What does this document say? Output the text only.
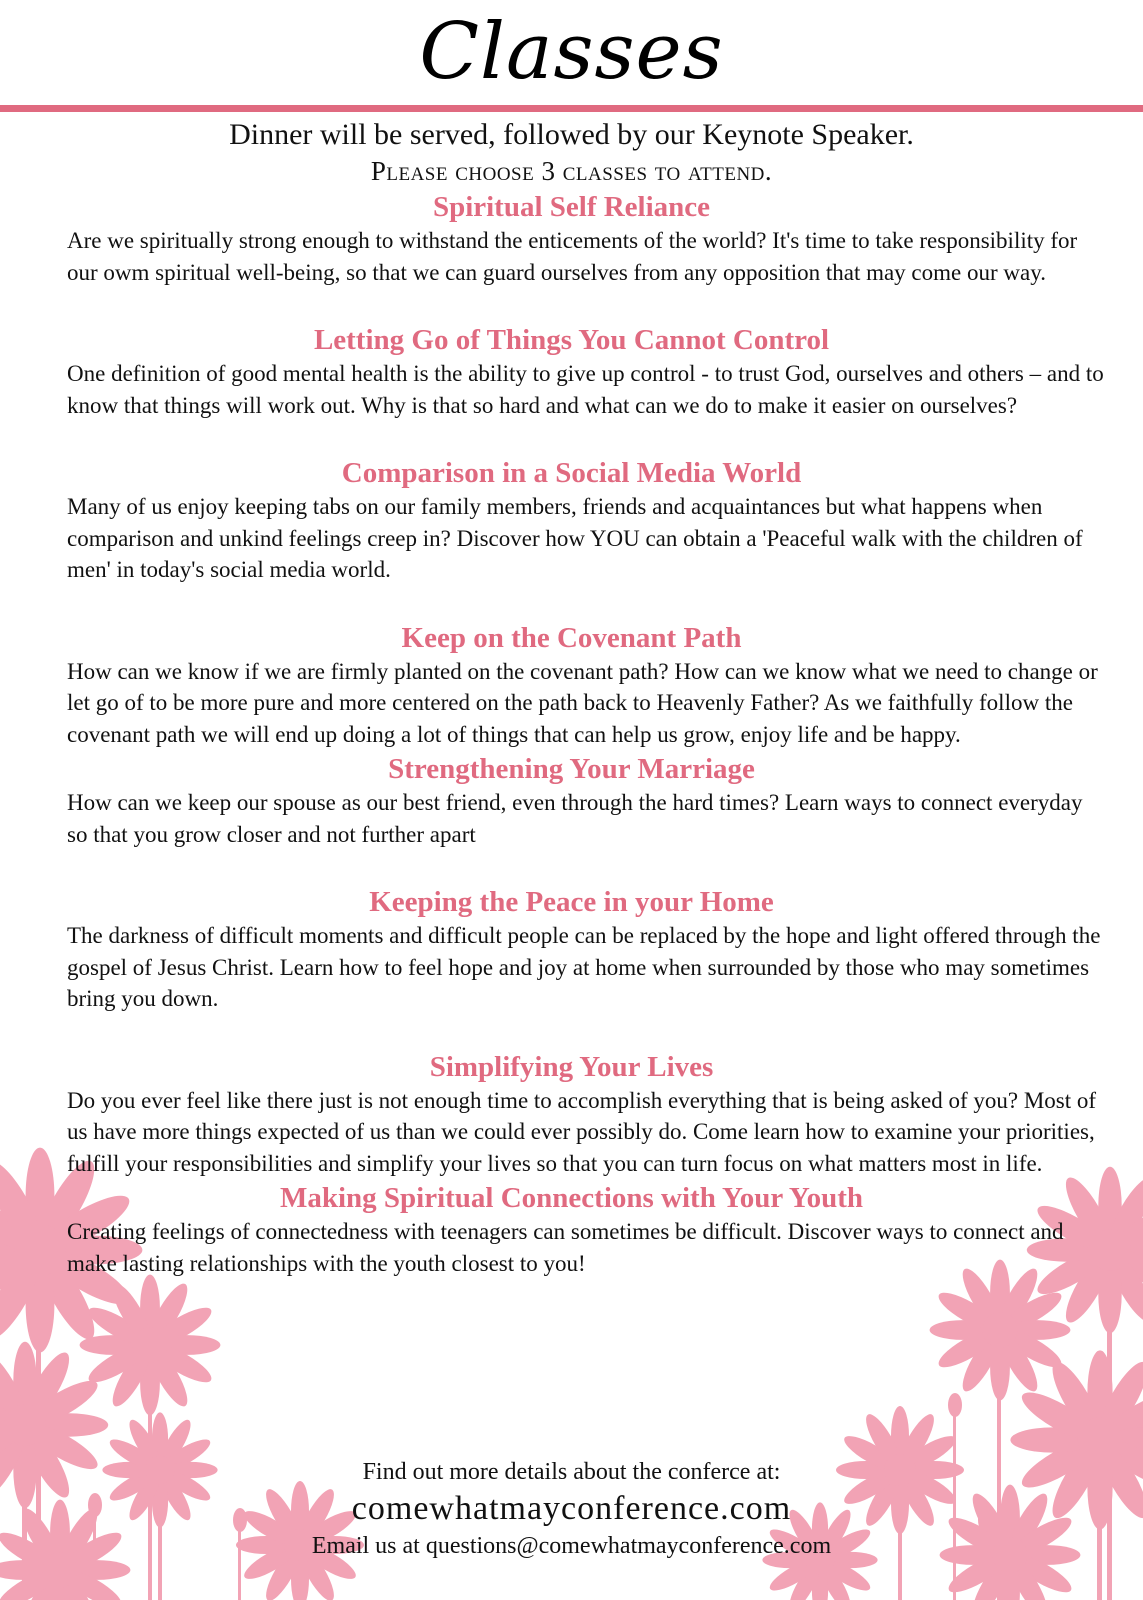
Classes
Dinner will be served, followed by our Keynote Speaker.
Please choose 3 classes to attend.
Spiritual Self Reliance

Are we spiritually strong enough to withstand the enticements of the world? It's time to take responsibility for our owm spiritual well-being, so that we can guard ourselves from any opposition that may come our way.

Letting Go of Things You Cannot Control

One definition of good mental health is the ability to give up control - to trust God, ourselves and others – and to know that things will work out. Why is that so hard and what can we do to make it easier on ourselves?

Comparison in a Social Media World

Many of us enjoy keeping tabs on our family members, friends and acquaintances but what happens when comparison and unkind feelings creep in? Discover how YOU can obtain a 'Peaceful walk with the children of men' in today's social media world.

Keep on the Covenant Path

How can we know if we are firmly planted on the covenant path? How can we know what we need to change or let go of to be more pure and more centered on the path back to Heavenly Father? As we faithfully follow the covenant path we will end up doing a lot of things that can help us grow, enjoy life and be happy.

Strengthening Your Marriage

How can we keep our spouse as our best friend, even through the hard times? Learn ways to connect everyday so that you grow closer and not further apart

Keeping the Peace in your Home

The darkness of difficult moments and difficult people can be replaced by the hope and light offered through the gospel of Jesus Christ. Learn how to feel hope and joy at home when surrounded by those who may sometimes bring you down.

Simplifying Your Lives

Do you ever feel like there just is not enough time to accomplish everything that is being asked of you? Most of us have more things expected of us than we could ever possibly do. Come learn how to examine your priorities, fulfill your responsibilities and simplify your lives so that you can turn focus on what matters most in life.

Making Spiritual Connections with Your Youth

Creating feelings of connectedness with teenagers can sometimes be difficult. Discover ways to connect and make lasting relationships with the youth closest to you!

Find out more details about the conferce at:
comewhatmayconference.com
Email us at questions@comewhatmayconference.com
